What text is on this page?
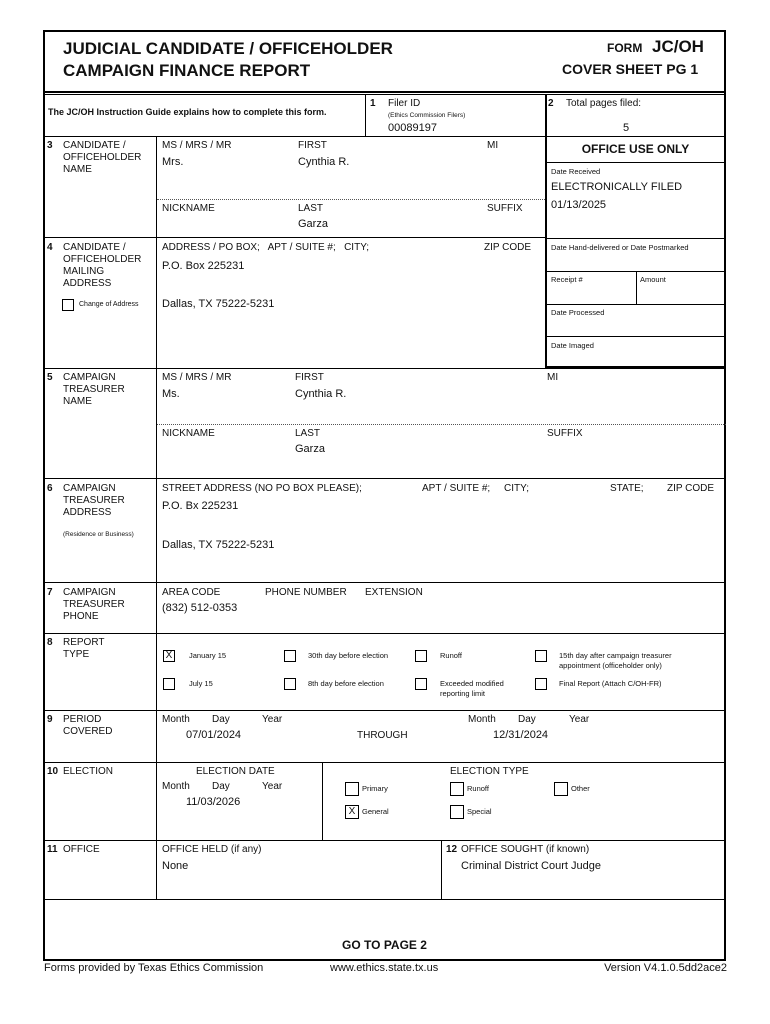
JUDICIAL CANDIDATE / OFFICEHOLDER
CAMPAIGN FINANCE REPORT
FORM JC/OH
COVER SHEET PG 1
The JC/OH Instruction Guide explains how to complete this form.
1 Filer ID
(Ethics Commission Filers)
00089197
2 Total pages filed:
5
3 CANDIDATE / OFFICEHOLDER NAME
MS / MRS / MR	FIRST	MI
Mrs.	Cynthia R.
NICKNAME	LAST	SUFFIX
Garza
OFFICE USE ONLY
Date Received
ELECTRONICALLY FILED
01/13/2025
Date Hand-delivered or Date Postmarked
Receipt #	Amount
Date Processed
Date Imaged
4 CANDIDATE / OFFICEHOLDER MAILING ADDRESS
Change of Address
ADDRESS / PO BOX;   APT / SUITE #;   CITY;	ZIP CODE
P.O. Box 225231
Dallas, TX 75222-5231
5 CAMPAIGN TREASURER NAME
MS / MRS / MR	FIRST	MI
Ms.	Cynthia R.
NICKNAME	LAST	SUFFIX
Garza
6 CAMPAIGN TREASURER ADDRESS
(Residence or Business)
STREET ADDRESS (NO PO BOX PLEASE);	APT / SUITE #;     CITY;	STATE; ZIP CODE
P.O. Bx 225231
Dallas, TX 75222-5231
7 CAMPAIGN TREASURER PHONE
AREA CODE	PHONE NUMBER EXTENSION
(832) 512-0353
8 REPORT TYPE	X	January 15	30th day before election	Runoff	15th day after campaign treasurer
appointment (officeholder only)
July 15	8th day before election	Exceeded modified
reporting limit
Final Report (Attach C/OH-FR)
9 PERIOD COVERED
Month Day	Year
07/01/2024	THROUGH
Month Day	Year
12/31/2024
10 ELECTION	ELECTION DATE
Month Day	Year
11/03/2026
ELECTION TYPE
Primary	Runoff	Other
X General	Special
11 OFFICE	OFFICE HELD (if any)
None
12 OFFICE SOUGHT (if known)
Criminal District Court Judge
GO TO PAGE 2
Forms provided by Texas Ethics Commission	www.ethics.state.tx.us	Version V4.1.0.5dd2ace2
